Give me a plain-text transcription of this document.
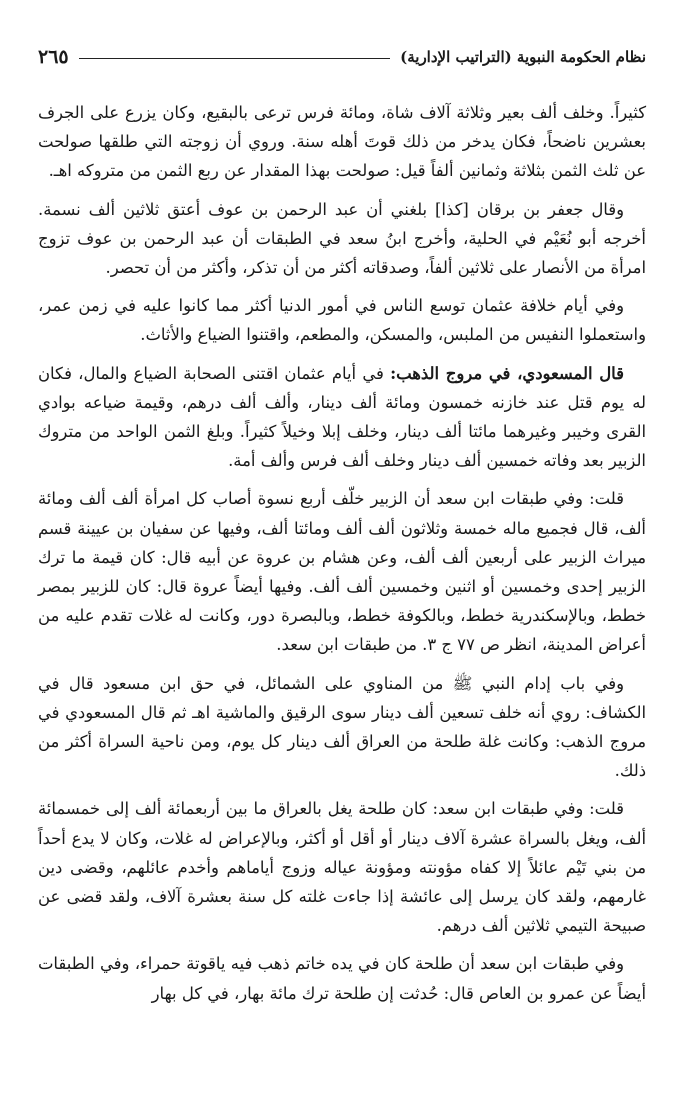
نظام الحكومة النبوية (التراتيب الإدارية)
٢٦٥

كثيراً. وخلف ألف بعير وثلاثة آلاف شاة، ومائة فرس ترعى بالبقيع، وكان يزرع على الجرف بعشرين ناضحاً، فكان يدخر من ذلك قوتَ أهله سنة. وروي أن زوجته التي طلقها صولحت عن ثلث الثمن بثلاثة وثمانين ألفاً قيل: صولحت بهذا المقدار عن ربع الثمن من متروكه اهـ.

وقال جعفر بن برقان [كذا] بلغني أن عبد الرحمن بن عوف أعتق ثلاثين ألف نسمة. أخرجه أبو نُعَيْم في الحلية، وأخرج ابنُ سعد في الطبقات أن عبد الرحمن بن عوف تزوج امرأة من الأنصار على ثلاثين ألفاً، وصدقاته أكثر من أن تذكر، وأكثر من أن تحصر.

وفي أيام خلافة عثمان توسع الناس في أمور الدنيا أكثر مما كانوا عليه في زمن عمر، واستعملوا النفيس من الملبس، والمسكن، والمطعم، واقتنوا الضياع والأثاث.

قال المسعودي، في مروج الذهب: في أيام عثمان اقتنى الصحابة الضياع والمال، فكان له يوم قتل عند خازنه خمسون ومائة ألف دينار، وألف ألف درهم، وقيمة ضياعه بوادي القرى وخيبر وغيرهما مائتا ألف دينار، وخلف إبلا وخيلاً كثيراً. وبلغ الثمن الواحد من متروك الزبير بعد وفاته خمسين ألف دينار وخلف ألف فرس وألف أمة.

قلت: وفي طبقات ابن سعد أن الزبير خلّف أربع نسوة أصاب كل امرأة ألف ألف ومائة ألف، قال فجميع ماله خمسة وثلاثون ألف ألف ومائتا ألف، وفيها عن سفيان بن عيينة قسم ميراث الزبير على أربعين ألف ألف، وعن هشام بن عروة عن أبيه قال: كان قيمة ما ترك الزبير إحدى وخمسين أو اثنين وخمسين ألف ألف. وفيها أيضاً عروة قال: كان للزبير بمصر خطط، وبالإسكندرية خطط، وبالكوفة خطط، وبالبصرة دور، وكانت له غلات تقدم عليه من أعراض المدينة، انظر ص ٧٧ ج ٣. من طبقات ابن سعد.

وفي باب إدام النبي ﷺ من المناوي على الشمائل، في حق ابن مسعود قال في الكشاف: روي أنه خلف تسعين ألف دينار سوى الرقيق والماشية اهـ ثم قال المسعودي في مروج الذهب: وكانت غلة طلحة من العراق ألف دينار كل يوم، ومن ناحية السراة أكثر من ذلك.

قلت: وفي طبقات ابن سعد: كان طلحة يغل بالعراق ما بين أربعمائة ألف إلى خمسمائة ألف، ويغل بالسراة عشرة آلاف دينار أو أقل أو أكثر، وبالإعراض له غلات، وكان لا يدع أحداً من بني تَيْم عائلاً إلا كفاه مؤونته ومؤونة عياله وزوج أياماهم وأخدم عائلهم، وقضى دين غارمهم، ولقد كان يرسل إلى عائشة إذا جاءت غلته كل سنة بعشرة آلاف، ولقد قضى عن صبيحة التيمي ثلاثين ألف درهم.

وفي طبقات ابن سعد أن طلحة كان في يده خاتم ذهب فيه ياقوتة حمراء، وفي الطبقات أيضاً عن عمرو بن العاص قال: حُدثت إن طلحة ترك مائة بهار، في كل بهار
